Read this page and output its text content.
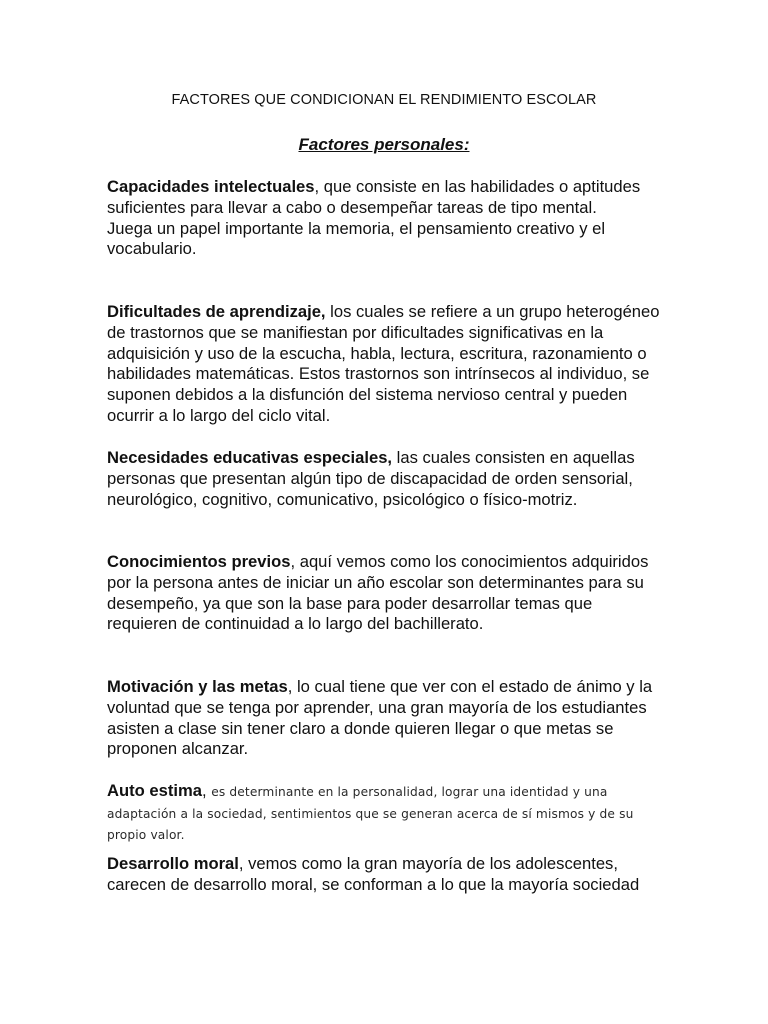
FACTORES QUE CONDICIONAN EL RENDIMIENTO ESCOLAR
Factores personales:

Capacidades intelectuales, que consiste en las habilidades o aptitudes suficientes para llevar a cabo o desempeñar tareas de tipo mental.
Juega un papel importante la memoria, el pensamiento creativo y el vocabulario.

Dificultades de aprendizaje, los cuales se refiere a un grupo heterogéneo de trastornos que se manifiestan por dificultades significativas en la adquisición y uso de la escucha, habla, lectura, escritura, razonamiento o habilidades matemáticas. Estos trastornos son intrínsecos al individuo, se suponen debidos a la disfunción del sistema nervioso central y pueden ocurrir a lo largo del ciclo vital.

Necesidades educativas especiales, las cuales consisten en aquellas personas que presentan algún tipo de discapacidad de orden sensorial, neurológico, cognitivo, comunicativo, psicológico o físico-motriz.

Conocimientos previos, aquí vemos como los conocimientos adquiridos por la persona antes de iniciar un año escolar son determinantes para su desempeño, ya que son la base para poder desarrollar temas que requieren de continuidad a lo largo del bachillerato.

Motivación y las metas, lo cual tiene que ver con el estado de ánimo y la voluntad que se tenga por aprender, una gran mayoría de los estudiantes asisten a clase sin tener claro a donde quieren llegar o que metas se proponen alcanzar.

Auto estima, es determinante en la personalidad, lograr una identidad y una adaptación a la sociedad, sentimientos que se generan acerca de sí mismos y de su propio valor.

Desarrollo moral, vemos como la gran mayoría de los adolescentes, carecen de desarrollo moral, se conforman a lo que la mayoría sociedad
